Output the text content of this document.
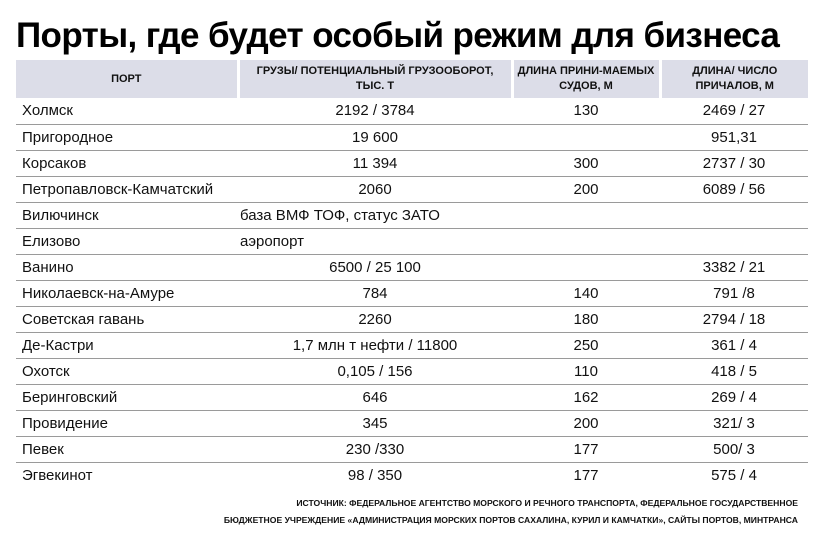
Порты, где будет особый режим для бизнеса
ПОРТ	ГРУЗЫ/ ПОТЕНЦИАЛЬНЫЙ ГРУЗООБОРОТ, ТЫС. Т	ДЛИНА ПРИНИ-МАЕМЫХ СУДОВ, М	ДЛИНА/ ЧИСЛО ПРИЧАЛОВ, М
Холмск	2192 / 3784	130	2469 / 27
Пригородное	19 600		951,31
Корсаков	11 394	300	2737 / 30
Петропавловск-Камчатский	2060	200	6089 / 56
Вилючинск	база ВМФ ТОФ, статус ЗАТО		
Елизово	аэропорт		
Ванино	6500 / 25 100		3382 / 21
Николаевск-на-Амуре	784	140	791 /8
Советская гавань	2260	180	2794 / 18
Де-Кастри	1,7 млн т нефти / 11800	250	361 / 4
Охотск	0,105 / 156	110	418 / 5
Беринговский	646	162	269 / 4
Провидение	345	200	321/ 3
Певек	230 /330	177	500/ 3
Эгвекинот	98 / 350	177	575 / 4
ИСТОЧНИК: ФЕДЕРАЛЬНОЕ АГЕНТСТВО МОРСКОГО И РЕЧНОГО ТРАНСПОРТА, ФЕДЕРАЛЬНОЕ ГОСУДАРСТВЕННОЕ
БЮДЖЕТНОЕ УЧРЕЖДЕНИЕ «АДМИНИСТРАЦИЯ МОРСКИХ ПОРТОВ САХАЛИНА, КУРИЛ И КАМЧАТКИ», САЙТЫ ПОРТОВ, МИНТРАНСА
